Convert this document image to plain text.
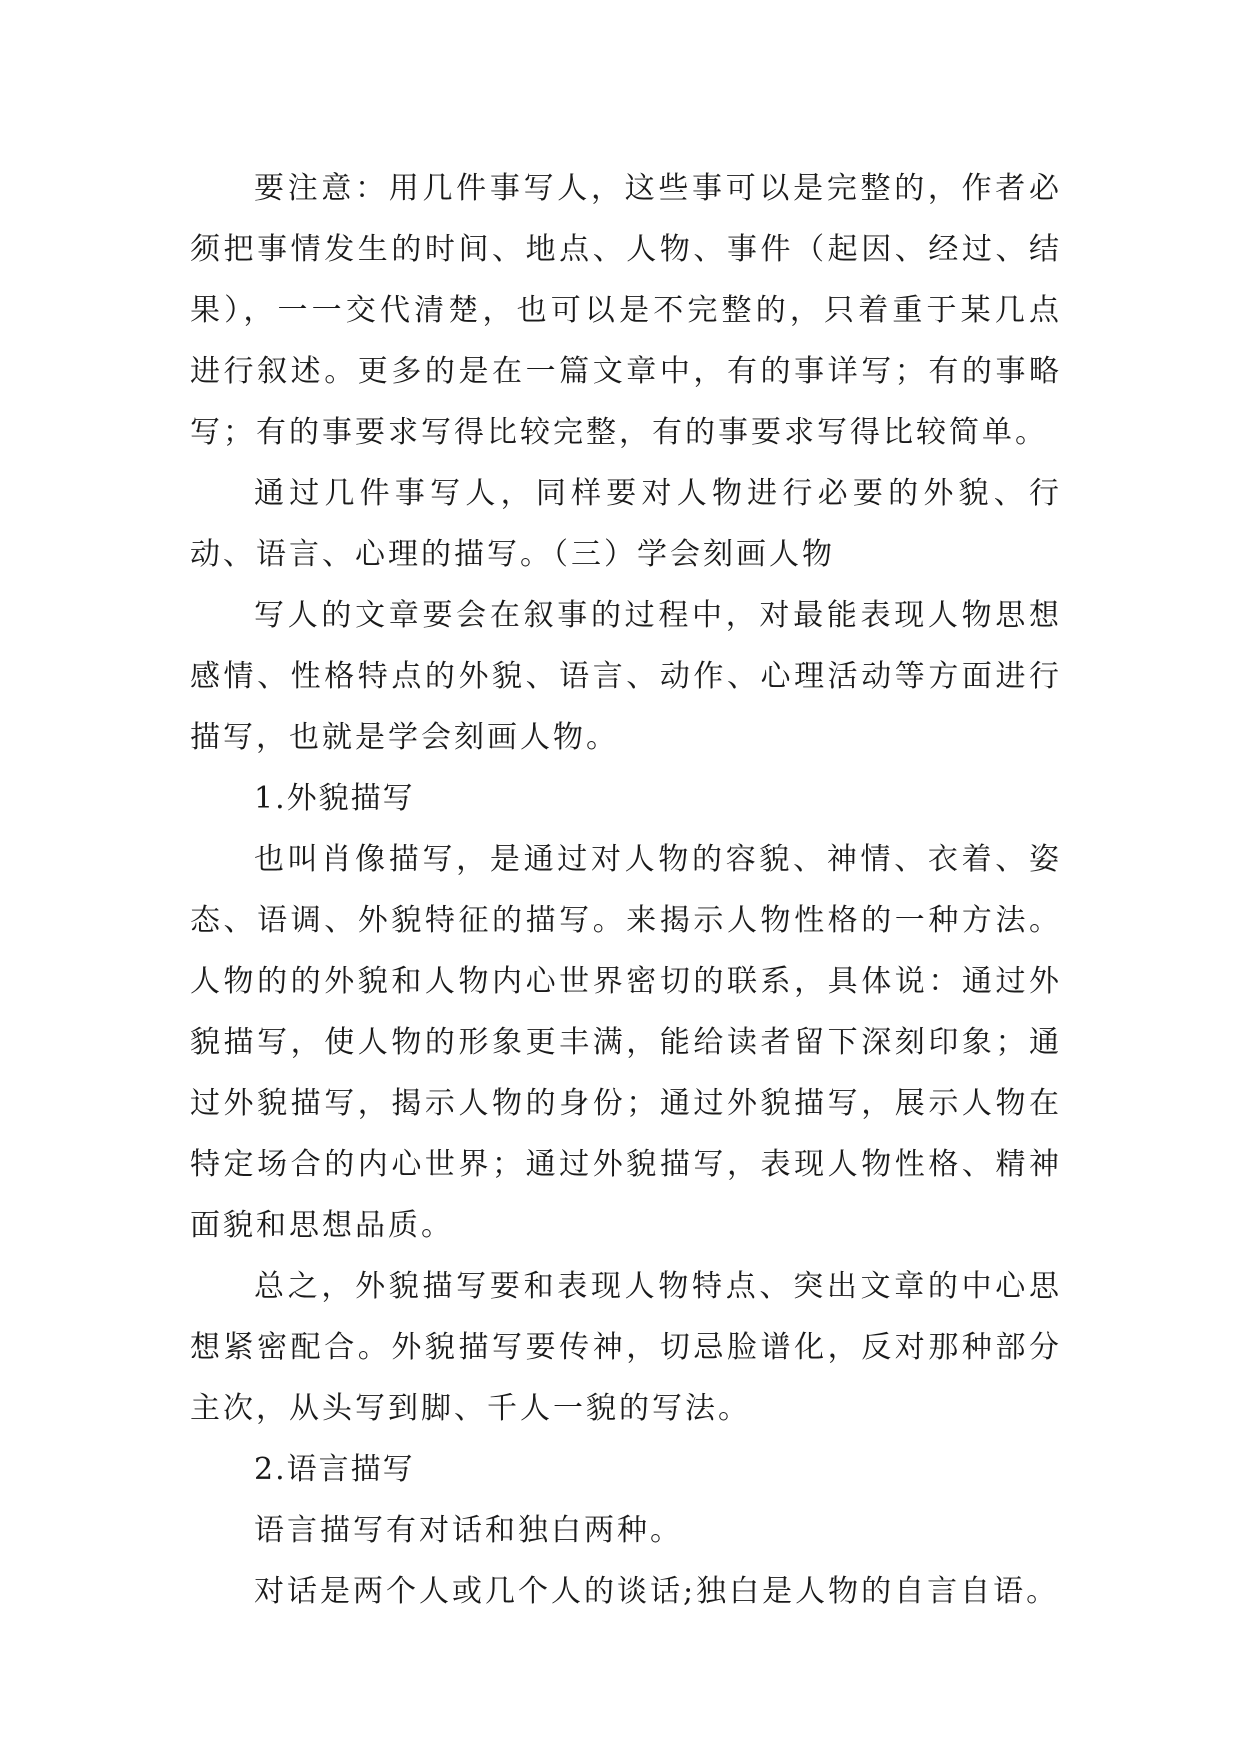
要注意：用几件事写人，这些事可以是完整的，作者必须把事情发生的时间、地点、人物、事件（起因、经过、结果），一一交代清楚，也可以是不完整的，只着重于某几点进行叙述。更多的是在一篇文章中，有的事详写；有的事略写；有的事要求写得比较完整，有的事要求写得比较简单。

通过几件事写人，同样要对人物进行必要的外貌、行动、语言、心理的描写。（三）学会刻画人物

写人的文章要会在叙事的过程中，对最能表现人物思想感情、性格特点的外貌、语言、动作、心理活动等方面进行描写，也就是学会刻画人物。

1.外貌描写

也叫肖像描写，是通过对人物的容貌、神情、衣着、姿态、语调、外貌特征的描写。来揭示人物性格的一种方法。人物的的外貌和人物内心世界密切的联系，具体说：通过外貌描写，使人物的形象更丰满，能给读者留下深刻印象；通过外貌描写，揭示人物的身份；通过外貌描写，展示人物在特定场合的内心世界；通过外貌描写，表现人物性格、精神面貌和思想品质。

总之，外貌描写要和表现人物特点、突出文章的中心思想紧密配合。外貌描写要传神，切忌脸谱化，反对那种部分主次，从头写到脚、千人一貌的写法。

2.语言描写

语言描写有对话和独白两种。

对话是两个人或几个人的谈话;独白是人物的自言自语。
